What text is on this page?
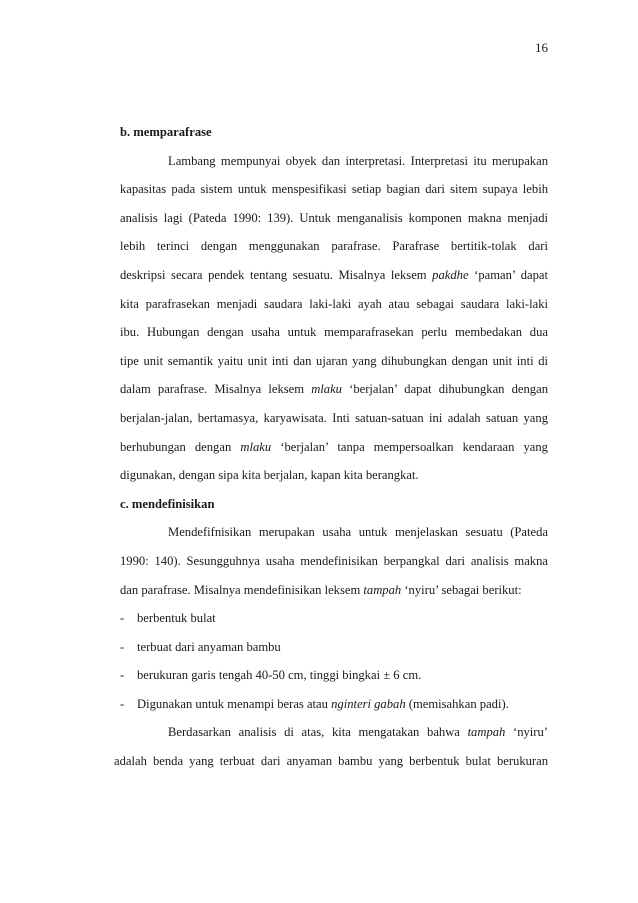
16
b. memparafrase
Lambang mempunyai obyek dan interpretasi. Interpretasi itu merupakan
kapasitas pada sistem untuk menspesifikasi setiap bagian dari sitem supaya lebih
analisis lagi (Pateda 1990: 139). Untuk menganalisis komponen makna menjadi
lebih terinci dengan menggunakan parafrase. Parafrase bertitik-tolak dari
deskripsi secara pendek tentang sesuatu. Misalnya leksem pakdhe ‘paman’ dapat
kita parafrasekan menjadi saudara laki-laki ayah atau sebagai saudara laki-laki
ibu. Hubungan dengan usaha untuk memparafrasekan perlu membedakan dua
tipe unit semantik yaitu unit inti dan ujaran yang dihubungkan dengan unit inti di
dalam parafrase. Misalnya leksem mlaku ‘berjalan’ dapat dihubungkan dengan
berjalan-jalan, bertamasya, karyawisata. Inti satuan-satuan ini adalah satuan yang
berhubungan dengan mlaku ‘berjalan’ tanpa mempersoalkan kendaraan yang
digunakan, dengan sipa kita berjalan, kapan kita berangkat.
c. mendefinisikan
Mendefifnisikan merupakan usaha untuk menjelaskan sesuatu (Pateda
1990: 140). Sesungguhnya usaha mendefinisikan berpangkal dari analisis makna
dan parafrase. Misalnya mendefinisikan leksem tampah ‘nyiru’ sebagai berikut:
-	berbentuk bulat
-	terbuat dari anyaman bambu
-	berukuran garis tengah 40-50 cm, tinggi bingkai ± 6 cm.
-	Digunakan untuk menampi beras atau nginteri gabah (memisahkan padi).
Berdasarkan analisis di atas, kita mengatakan bahwa tampah ‘nyiru’
adalah benda yang terbuat dari anyaman bambu yang berbentuk bulat berukuran
